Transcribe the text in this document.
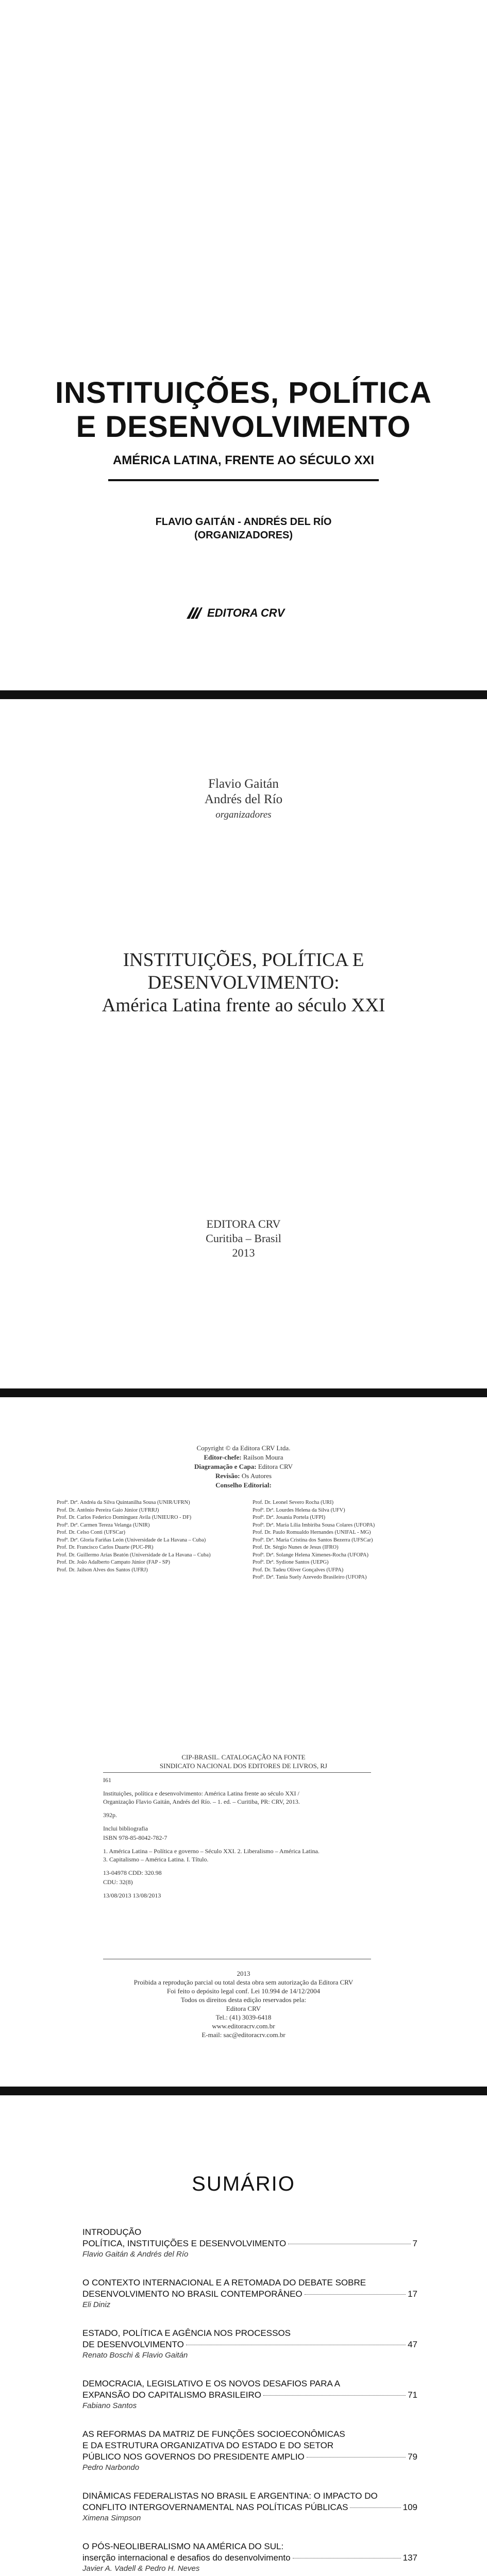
INSTITUIÇÕES, POLÍTICA
E DESENVOLVIMENTO
AMÉRICA LATINA, FRENTE AO SÉCULO XXI
FLAVIO GAITÁN - ANDRÉS DEL RÍO
(ORGANIZADORES)
EDITORA CRV
Flavio Gaitán
Andrés del Río
organizadores
INSTITUIÇÕES, POLÍTICA E
DESENVOLVIMENTO:
América Latina frente ao século XXI
EDITORA CRV
Curitiba – Brasil
2013
Copyright © da Editora CRV Ltda.
Editor-chefe: Railson Moura
Diagramação e Capa: Editora CRV
Revisão: Os Autores
Conselho Editorial:
Profª. Drª. Andréa da Silva Quintanilha Sousa (UNIR/UFRN)
Prof. Dr. Antônio Pereira Gaio Júnior (UFRRJ)
Prof. Dr. Carlos Federico Dominguez Avila (UNIEURO - DF)
Profª. Drª. Carmen Tereza Velanga (UNIR)
Prof. Dr. Celso Conti (UFSCar)
Profª. Drª. Gloria Fariñas León (Universidade de La Havana – Cuba)
Prof. Dr. Francisco Carlos Duarte (PUC-PR)
Prof. Dr. Guillermo Arias Beatón (Universidade de La Havana – Cuba)
Prof. Dr. João Adalberto Campato Júnior (FAP - SP)
Prof. Dr. Jailson Alves dos Santos (UFRJ)
Prof. Dr. Leonel Severo Rocha (URI)
Profª. Drª. Lourdes Helena da Silva (UFV)
Profª. Drª. Josania Portela (UFPI)
Profª. Drª. Maria Lília Imbiriba Sousa Colares (UFOPA)
Prof. Dr. Paulo Romualdo Hernandes (UNIFAL - MG)
Profª. Drª. Maria Cristina dos Santos Bezerra (UFSCar)
Prof. Dr. Sérgio Nunes de Jesus (IFRO)
Profª. Drª. Solange Helena Ximenes-Rocha (UFOPA)
Profª. Drª. Sydione Santos (UEPG)
Prof. Dr. Tadeu Oliver Gonçalves (UFPA)
Profª. Drª. Tania Suely Azevedo Brasileiro (UFOPA)
CIP-BRASIL. CATALOGAÇÃO NA FONTE
SINDICATO NACIONAL DOS EDITORES DE LIVROS, RJ

I61

Instituições, política e desenvolvimento: América Latina frente ao século XXI / Organização Flavio Gaitán, Andrés del Río. – 1. ed. – Curitiba, PR: CRV, 2013.

392p.

Inclui bibliografia

ISBN 978-85-8042-782-7

1. América Latina – Política e governo – Século XXI. 2. Liberalismo – América Latina. 3. Capitalismo – América Latina. I. Título.

13-04978 CDD: 320.98

CDU: 32(8)

13/08/2013 13/08/2013

2013
Proibida a reprodução parcial ou total desta obra sem autorização da Editora CRV
Foi feito o depósito legal conf. Lei 10.994 de 14/12/2004
Todos os direitos desta edição reservados pela:
Editora CRV
Tel.: (41) 3039-6418
www.editoracrv.com.br
E-mail: sac@editoracrv.com.br
SUMÁRIO
INTRODUÇÃO
POLÍTICA, INSTITUIÇÕES E DESENVOLVIMENTO	7
Flavio Gaitán & Andrés del Río
O CONTEXTO INTERNACIONAL E A RETOMADA DO DEBATE SOBRE
DESENVOLVIMENTO NO BRASIL CONTEMPORÂNEO	17
Eli Diniz
ESTADO, POLÍTICA E AGÊNCIA NOS PROCESSOS
DE DESENVOLVIMENTO	47
Renato Boschi & Flavio Gaitán
DEMOCRACIA, LEGISLATIVO E OS NOVOS DESAFIOS PARA A
EXPANSÃO DO CAPITALISMO BRASILEIRO	71
Fabiano Santos
AS REFORMAS DA MATRIZ DE FUNÇÕES SOCIOECONÔMICAS
E DA ESTRUTURA ORGANIZATIVA DO ESTADO E DO SETOR
PÚBLICO NOS GOVERNOS DO PRESIDENTE AMPLIO	79
Pedro Narbondo
DINÂMICAS FEDERALISTAS NO BRASIL E ARGENTINA: O IMPACTO DO
CONFLITO INTERGOVERNAMENTAL NAS POLÍTICAS PÚBLICAS	109
Ximena Simpson
O PÓS-NEOLIBERALISMO NA AMÉRICA DO SUL:
inserção internacional e desafios do desenvolvimento	137
Javier A. Vadell & Pedro H. Neves
